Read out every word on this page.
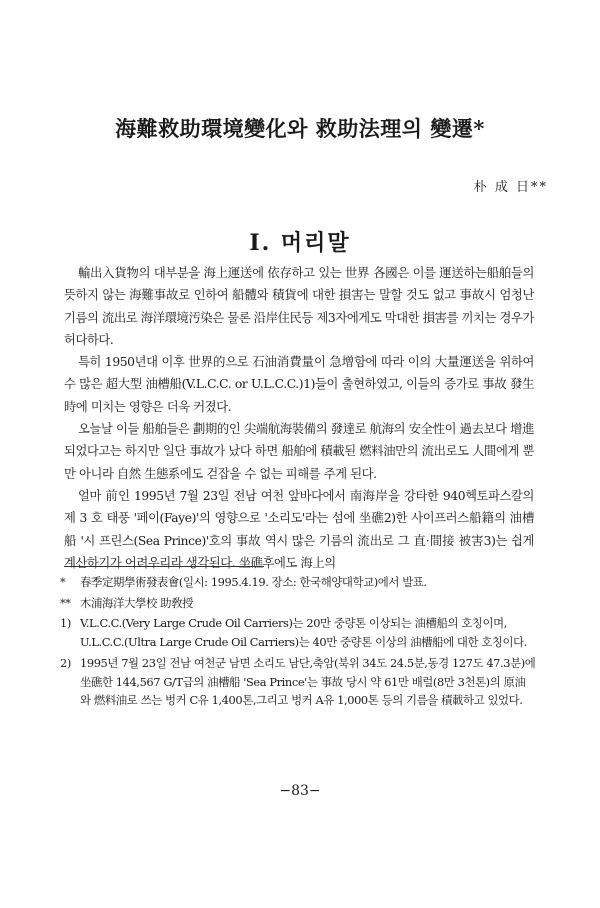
海難救助環境變化와 救助法理의 變遷*
朴 成 日**
I. 머리말

輸出入貨物의 대부분을 海上運送에 依存하고 있는 世界 各國은 이를 運送하는船舶들의 뜻하지 않는 海難事故로 인하여 船體와 積貨에 대한 損害는 말할 것도 없고 事故시 엄청난 기름의 流出로 海洋環境汚染은 물론 沿岸住民등 제3자에게도 막대한 損害를 끼치는 경우가 허다하다.

특히 1950년대 이후 世界的으로 石油消費量이 急增함에 따라 이의 大量運送을 위하여 수 많은 超大型 油槽船(V.L.C.C. or U.L.C.C.)1)들이 출현하였고, 이들의 증가로 事故 發生時에 미치는 영향은 더욱 커졌다.

오늘날 이들 船舶들은 劃期的인 尖端航海裝備의 發達로 航海의 安全性이 過去보다 增進되었다고는 하지만 일단 事故가 났다 하면 船舶에 積載된 燃料油만의 流出로도 人間에게 뿐 만 아니라 自然 生態系에도 걷잡을 수 없는 피해를 주게 된다.

얼마 前인 1995년 7월 23일 전남 여천 앞바다에서 南海岸을 강타한 940헥토파스칼의 제 3 호 태풍 '페이(Faye)'의 영향으로 '소리도'라는 섬에 坐礁2)한 사이프러스船籍의 油槽船 '시 프린스(Sea Prince)'호의 事故 역시 많은 기름의 流出로 그 直·間接 被害3)는 쉽게 계산하기가 어려우리라 생각된다. 坐礁후에도 海上의

*	春季定期學術發表會(일시: 1995.4.19. 장소: 한국해양대학교)에서 발표.
** 木浦海洋大學校 助敎授
1) V.L.C.C.(Very Large Crude Oil Carriers)는 20만 중량톤 이상되는 油槽船의 호칭이며, U.L.C.C.(Ultra Large Crude Oil Carriers)는 40만 중량톤 이상의 油槽船에 대한 호칭이다.
2) 1995년 7월 23일 전남 여천군 남면 소리도 남단,축암(북위 34도 24.5분,동경 127도 47.3분)에 坐礁한 144,567 G/T급의 油槽船 'Sea Prince'는 事故 당시 약 61만 배럴(8만 3천톤)의 原油와 燃料油로 쓰는 벙커 C유 1,400톤,그리고 벙커 A유 1,000톤 등의 기름을 積載하고 있었다.
−83−
